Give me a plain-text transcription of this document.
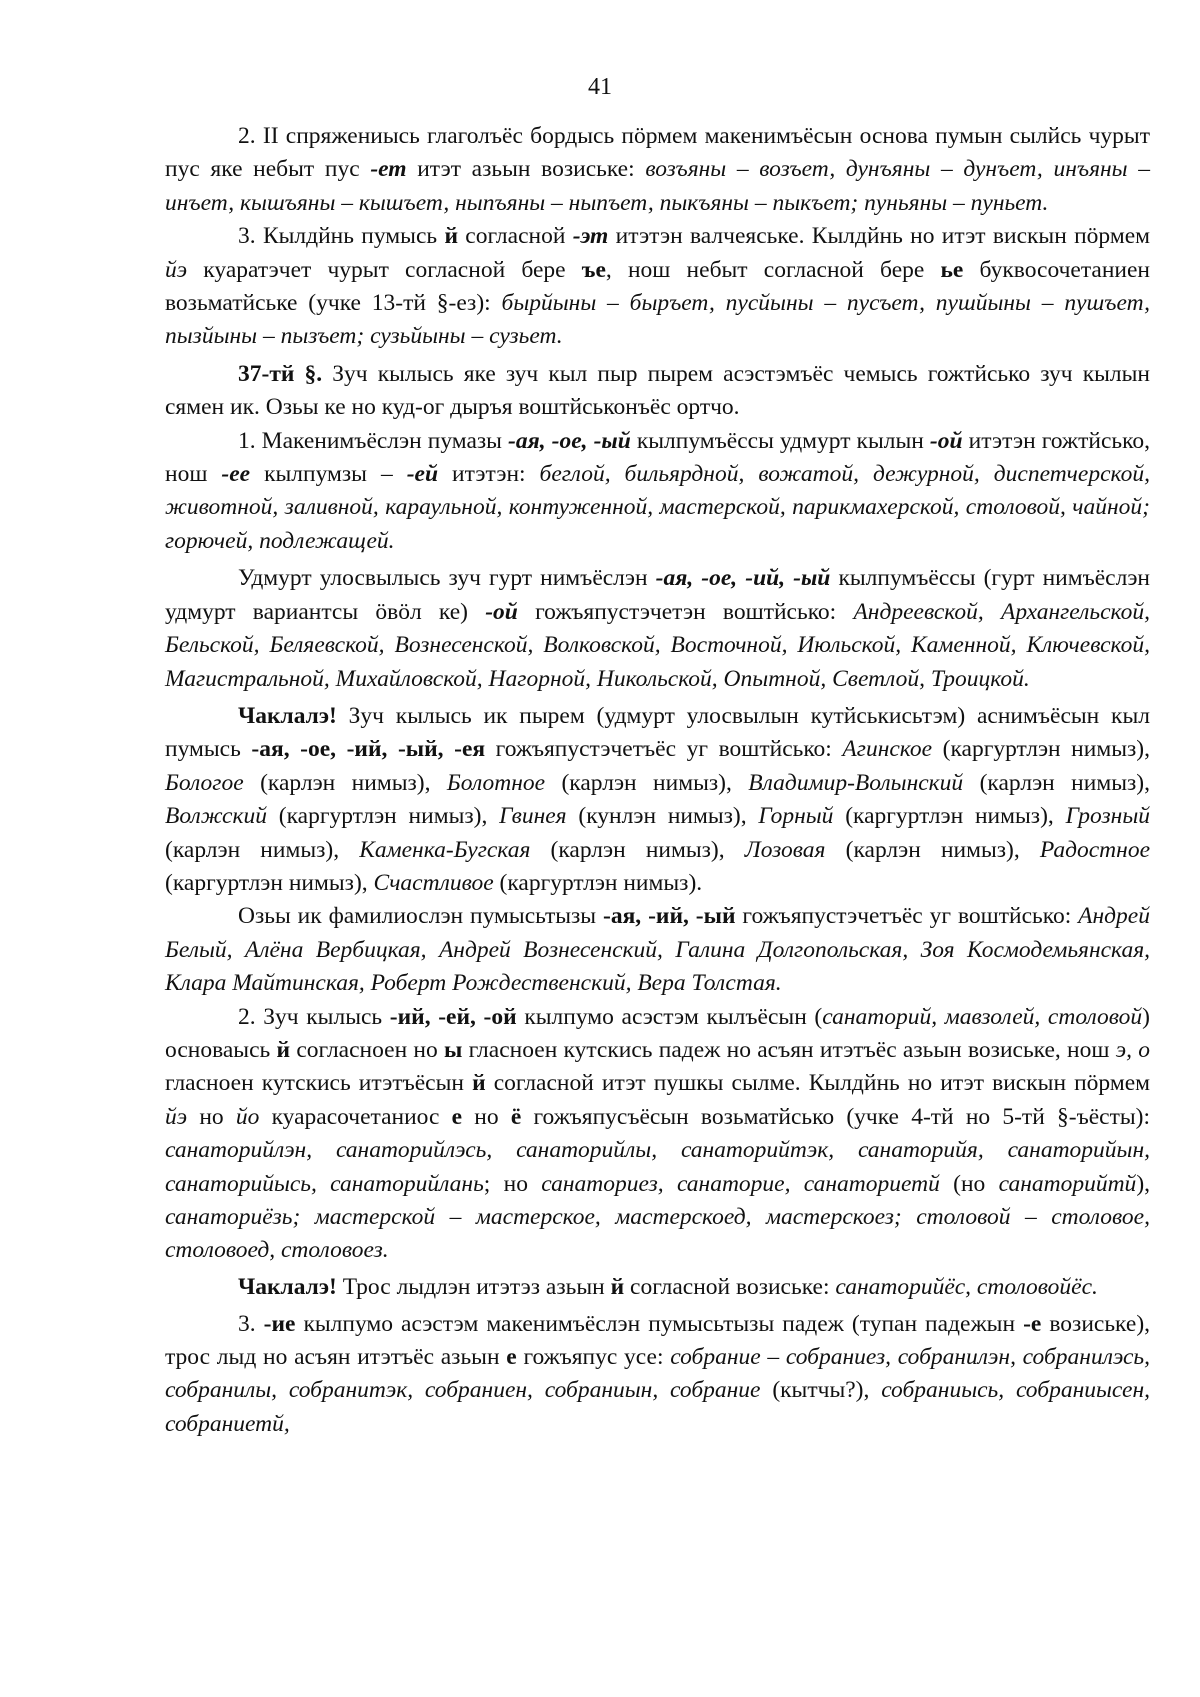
41

2. II спряжениысь глаголъёс бордысь пöрмем макенимъёсын основа пумын сылйсь чурыт пус яке небыт пус -ет итэт азьын возиське: возъяны – возъет, дунъяны – дунъет, инъяны – инъет, кышъяны – кышъет, ныпъяны – ныпъет, пыкъяны – пыкъет; пуньяны – пуньет.

3. Кылдйнь пумысь й согласной -эт итэтэн валчеяське. Кылдйнь но итэт вискын пöрмем йэ куаратэчет чурыт согласной бере ъе, нош небыт согласной бере ье буквосочетаниен возьматйське (учке 13-тй §-ез): бырйыны – быръет, пусйыны – пусъет, пушйыны – пушъет, пызйыны – пызъет; сузьйыны – сузьет.

37-тй §. Зуч кылысь яке зуч кыл пыр пырем асэстэмъёс чемысь гожтйсько зуч кылын сямен ик. Озьы ке но куд-ог дыръя воштйськонъёс ортчо.

1. Макенимъёслэн пумазы -ая, -ое, -ый кылпумъёссы удмурт кылын -ой итэтэн гожтйсько, нош -ее кылпумзы – -ей итэтэн: беглой, бильярдной, вожатой, дежурной, диспетчерской, животной, заливной, караульной, контуженной, мастерской, парикмахерской, столовой, чайной; горючей, подлежащей.

Удмурт улосвылысь зуч гурт нимъёслэн -ая, -ое, -ий, -ый кылпумъёссы (гурт нимъёслэн удмурт вариантсы öвöл ке) -ой гожъяпустэчетэн воштйсько: Андреевской, Архангельской, Бельской, Беляевской, Вознесенской, Волковской, Восточной, Июльской, Каменной, Ключевской, Магистральной, Михайловской, Нагорной, Никольской, Опытной, Светлой, Троицкой.

Чаклалэ! Зуч кылысь ик пырем (удмурт улосвылын кутйськисьтэм) аснимъёсын кыл пумысь -ая, -ое, -ий, -ый, -ея гожъяпустэчетъёс уг воштйсько: Агинское (каргуртлэн нимыз), Бологое (карлэн нимыз), Болотное (карлэн нимыз), Владимир-Волынский (карлэн нимыз), Волжский (каргуртлэн нимыз), Гвинея (кунлэн нимыз), Горный (каргуртлэн нимыз), Грозный (карлэн нимыз), Каменка-Бугская (карлэн нимыз), Лозовая (карлэн нимыз), Радостное (каргуртлэн нимыз), Счастливое (каргуртлэн нимыз).

Озьы ик фамилиослэн пумысьтызы -ая, -ий, -ый гожъяпустэчетъёс уг воштйсько: Андрей Белый, Алёна Вербицкая, Андрей Вознесенский, Галина Долгопольская, Зоя Космодемьянская, Клара Майтинская, Роберт Рождественский, Вера Толстая.

2. Зуч кылысь -ий, -ей, -ой кылпумо асэстэм кылъёсын (санаторий, мавзолей, столовой) основаысь й согласноен но ы гласноен кутскись падеж но асъян итэтъёс азьын возиське, нош э, о гласноен кутскись итэтъёсын й согласной итэт пушкы сылме. Кылдйнь но итэт вискын пöрмем йэ но йо куарасочетаниос е но ё гожъяпусъёсын возьматйсько (учке 4-тй но 5-тй §-ъёсты): санаторийлэн, санаторийлэсь, санаторийлы, санаторийтэк, санаторийя, санаторийын, санаторийысь, санаторийлань; но санаториез, санаторие, санаториетй (но санаторийтй), санаториёзь; мастерской – мастерское, мастерскоед, мастерскоез; столовой – столовое, столовоед, столовоез.

Чаклалэ! Трос лыдлэн итэтэз азьын й согласной возиське: санаторийёс, столовойёс.

3. -ие кылпумо асэстэм макенимъёслэн пумысьтызы падеж (тупан падежын -е возиське), трос лыд но асъян итэтъёс азьын е гожъяпус усе: собрание – собраниез, собранилэн, собранилэсь, собранилы, собранитэк, собраниен, собраниын, собрание (кытчы?), собраниысь, собраниысен, собраниетй,
